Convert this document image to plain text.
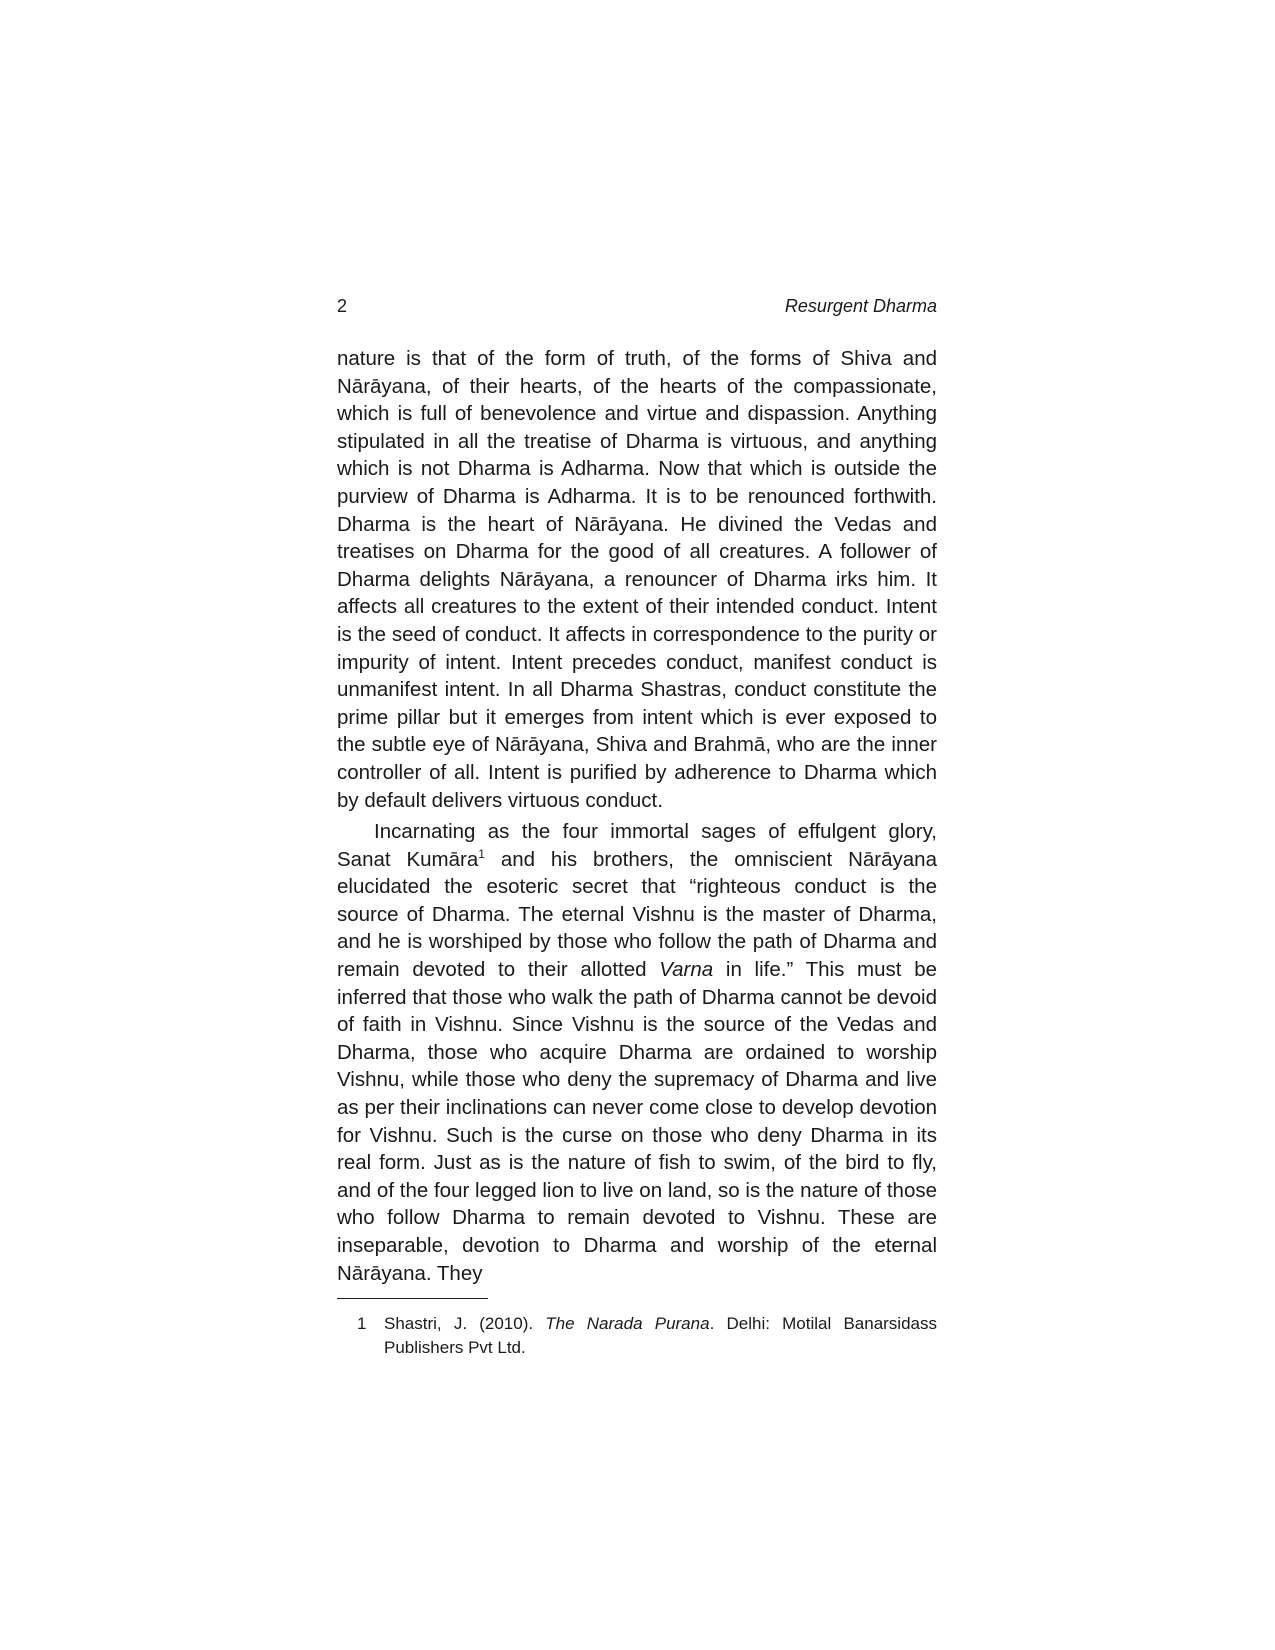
2	Resurgent Dharma

nature is that of the form of truth, of the forms of Shiva and Nārāyana, of their hearts, of the hearts of the compassionate, which is full of benevolence and virtue and dispassion. Anything stipulated in all the treatise of Dharma is virtuous, and anything which is not Dharma is Adharma. Now that which is outside the purview of Dharma is Adharma. It is to be renounced forthwith. Dharma is the heart of Nārāyana. He divined the Vedas and treatises on Dharma for the good of all creatures. A follower of Dharma delights Nārāyana, a renouncer of Dharma irks him. It affects all creatures to the extent of their intended conduct. Intent is the seed of conduct. It affects in correspondence to the purity or impurity of intent. Intent precedes conduct, manifest conduct is unmanifest intent. In all Dharma Shastras, conduct constitute the prime pillar but it emerges from intent which is ever exposed to the subtle eye of Nārāyana, Shiva and Brahmā, who are the inner controller of all. Intent is purified by adherence to Dharma which by default delivers virtuous conduct.

Incarnating as the four immortal sages of effulgent glory, Sanat Kumāra$^1$ and his brothers, the omniscient Nārāyana elucidated the esoteric secret that “righteous conduct is the source of Dharma. The eternal Vishnu is the master of Dharma, and he is worshiped by those who follow the path of Dharma and remain devoted to their allotted Varna in life.” This must be inferred that those who walk the path of Dharma cannot be devoid of faith in Vishnu. Since Vishnu is the source of the Vedas and Dharma, those who acquire Dharma are ordained to worship Vishnu, while those who deny the supremacy of Dharma and live as per their inclinations can never come close to develop devotion for Vishnu. Such is the curse on those who deny Dharma in its real form. Just as is the nature of fish to swim, of the bird to fly, and of the four legged lion to live on land, so is the nature of those who follow Dharma to remain devoted to Vishnu. These are inseparable, devotion to Dharma and worship of the eternal Nārāyana. They

1 Shastri, J. (2010). The Narada Purana. Delhi: Motilal Banarsidass Publishers Pvt Ltd.
